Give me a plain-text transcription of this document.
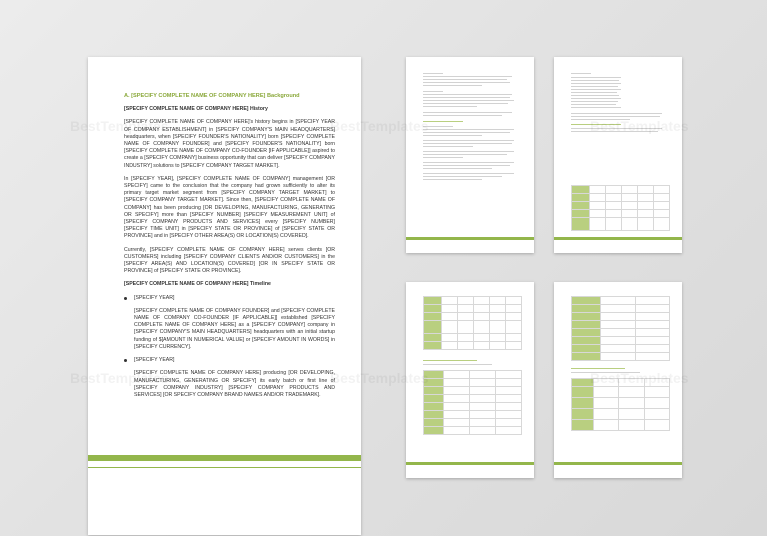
A. [SPECIFY COMPLETE NAME OF COMPANY HERE] Background
[SPECIFY COMPLETE NAME OF COMPANY HERE] History

[SPECIFY COMPLETE NAME OF COMPANY HERE]'s history begins in [SPECIFY YEAR OF COMPANY ESTABLISHMENT] in [SPECIFY COMPANY'S MAIN HEADQUARTERS] headquarters, when [SPECIFY FOUNDER'S NATIONALITY] born [SPECIFY COMPLETE NAME OF COMPANY FOUNDER] and [SPECIFY FOUNDER'S NATIONALITY] born [SPECIFY COMPLETE NAME OF COMPANY CO-FOUNDER [IF APPLICABLE]] aspired to create a [SPECIFY COMPANY] business opportunity that can deliver [SPECIFY COMPANY INDUSTRY] solutions to [SPECIFY COMPANY TARGET MARKET].

In [SPECIFY YEAR], [SPECIFY COMPLETE NAME OF COMPANY] management [OR SPECIFY] came to the conclusion that the company had grown sufficiently to alter its primary target market segment from [SPECIFY COMPANY TARGET MARKET] to [SPECIFY COMPANY TARGET MARKET]. Since then, [SPECIFY COMPLETE NAME OF COMPANY] has been producing [OR DEVELOPING, MANUFACTURING, GENERATING OR SPECIFY] more than [SPECIFY NUMBER] [SPECIFY MEASUREMENT UNIT] of [SPECIFY COMPANY PRODUCTS AND SERVICES] every [SPECIFY NUMBER] [SPECIFY TIME UNIT] in [SPECIFY STATE OR PROVINCE] of [SPECIFY STATE OR PROVINCE] and in [SPECIFY OTHER AREA(S) OR LOCATION(S) COVERED].

Currently, [SPECIFY COMPLETE NAME OF COMPANY HERE] serves clients [OR CUSTOMERS] including [SPECIFY COMPANY CLIENTS AND/OR CUSTOMERS] in the [SPECIFY AREA(S) AND LOCATION(S) COVERED] [OR IN SPECIFY STATE OR PROVINCE] of [SPECIFY STATE OR PROVINCE].

[SPECIFY COMPLETE NAME OF COMPANY HERE] Timeline
[SPECIFY YEAR]

[SPECIFY COMPLETE NAME OF COMPANY FOUNDER] and [SPECIFY COMPLETE NAME OF COMPANY CO-FOUNDER [IF APPLICABLE]] established [SPECIFY COMPLETE NAME OF COMPANY HERE] as a [SPECIFY COMPANY] company in [SPECIFY COMPANY'S MAIN HEADQUARTERS] headquarters with an initial startup funding of $[AMOUNT IN NUMERICAL VALUE] or [SPECIFY AMOUNT IN WORDS] in [SPECIFY CURRENCY].

[SPECIFY YEAR]

[SPECIFY COMPLETE NAME OF COMPANY HERE] producing [OR DEVELOPING, MANUFACTURING, GENERATING OR SPECIFY] its early batch or first line of [SPECIFY COMPANY INDUSTRY] [SPECIFY COMPANY PRODUCTS AND SERVICES] [OR SPECIFY COMPANY BRAND NAMES AND/OR TRADEMARK].

BestTemplates	BestTemplates	BestTemplates
BestTemplates	BestTemplates	BestTemplates
